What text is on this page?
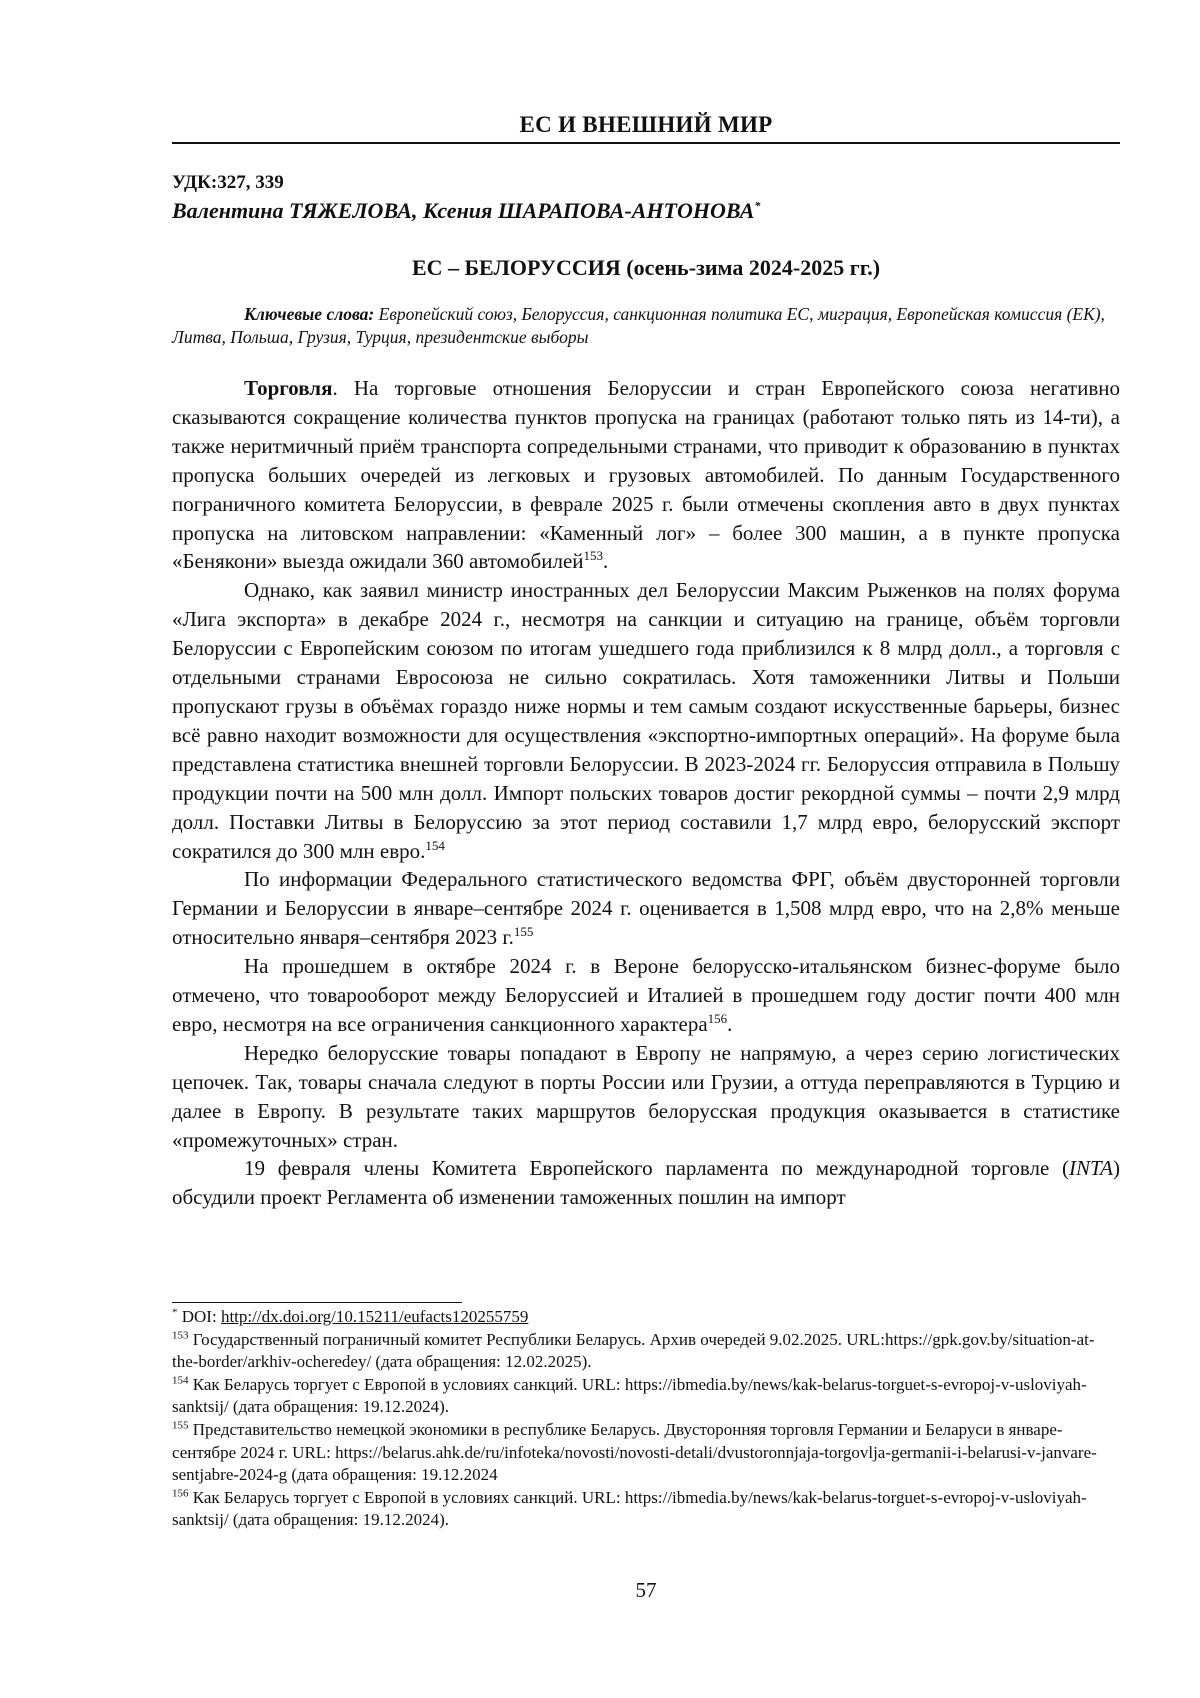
ЕС И ВНЕШНИЙ МИР
УДК:327, 339
Валентина ТЯЖЕЛОВА, Ксения ШАРАПОВА-АНТОНОВА*
ЕС – БЕЛОРУССИЯ (осень-зима 2024-2025 гг.)
Ключевые слова: Европейский союз, Белоруссия, санкционная политика ЕС, миграция, Европейская комиссия (ЕК), Литва, Польша, Грузия, Турция, президентские выборы

Торговля. На торговые отношения Белоруссии и стран Европейского союза негативно сказываются сокращение количества пунктов пропуска на границах (работают только пять из 14-ти), а также неритмичный приём транспорта сопредельными странами, что приводит к образованию в пунктах пропуска больших очередей из легковых и грузовых автомобилей. По данным Государственного пограничного комитета Белоруссии, в феврале 2025 г. были отмечены скопления авто в двух пунктах пропуска на литовском направлении: «Каменный лог» – более 300 машин, а в пункте пропуска «Бенякони» выезда ожидали 360 автомобилей$^{153}$.

Однако, как заявил министр иностранных дел Белоруссии Максим Рыженков на полях форума «Лига экспорта» в декабре 2024 г., несмотря на санкции и ситуацию на границе, объём торговли Белоруссии с Европейским союзом по итогам ушедшего года приблизился к 8 млрд долл., а торговля с отдельными странами Евросоюза не сильно сократилась. Хотя таможенники Литвы и Польши пропускают грузы в объёмах гораздо ниже нормы и тем самым создают искусственные барьеры, бизнес всё равно находит возможности для осуществления «экспортно-импортных операций». На форуме была представлена статистика внешней торговли Белоруссии. В 2023-2024 гг. Белоруссия отправила в Польшу продукции почти на 500 млн долл. Импорт польских товаров достиг рекордной суммы – почти 2,9 млрд долл. Поставки Литвы в Белоруссию за этот период составили 1,7 млрд евро, белорусский экспорт сократился до 300 млн евро.$^{154}$

По информации Федерального статистического ведомства ФРГ, объём двусторонней торговли Германии и Белоруссии в январе–сентябре 2024 г. оценивается в 1,508 млрд евро, что на 2,8% меньше относительно января–сентября 2023 г.$^{155}$

На прошедшем в октябре 2024 г. в Вероне белорусско-итальянском бизнес-форуме было отмечено, что товарооборот между Белоруссией и Италией в прошедшем году достиг почти 400 млн евро, несмотря на все ограничения санкционного характера$^{156}$.

Нередко белорусские товары попадают в Европу не напрямую, а через серию логистических цепочек. Так, товары сначала следуют в порты России или Грузии, а оттуда переправляются в Турцию и далее в Европу. В результате таких маршрутов белорусская продукция оказывается в статистике «промежуточных» стран.

19 февраля члены Комитета Европейского парламента по международной торговле (INTA) обсудили проект Регламента об изменении таможенных пошлин на импорт

* DOI: http://dx.doi.org/10.15211/eufacts120255759

$^{153}$ Государственный пограничный комитет Республики Беларусь. Архив очередей 9.02.2025. URL:https://gpk.gov.by/situation-at-the-border/arkhiv-ocheredey/ (дата обращения: 12.02.2025).

$^{154}$ Как Беларусь торгует с Европой в условиях санкций. URL: https://ibmedia.by/news/kak-belarus-torguet-s-evropoj-v-usloviyah-sanktsij/ (дата обращения: 19.12.2024).

$^{155}$ Представительство немецкой экономики в республике Беларусь. Двусторонняя торговля Германии и Беларуси в январе-сентябре 2024 г. URL: https://belarus.ahk.de/ru/infoteka/novosti/novosti-detali/dvustoronnjaja-torgovlja-germanii-i-belarusi-v-janvare-sentjabre-2024-g (дата обращения: 19.12.2024

$^{156}$ Как Беларусь торгует с Европой в условиях санкций. URL: https://ibmedia.by/news/kak-belarus-torguet-s-evropoj-v-usloviyah-sanktsij/ (дата обращения: 19.12.2024).

57
